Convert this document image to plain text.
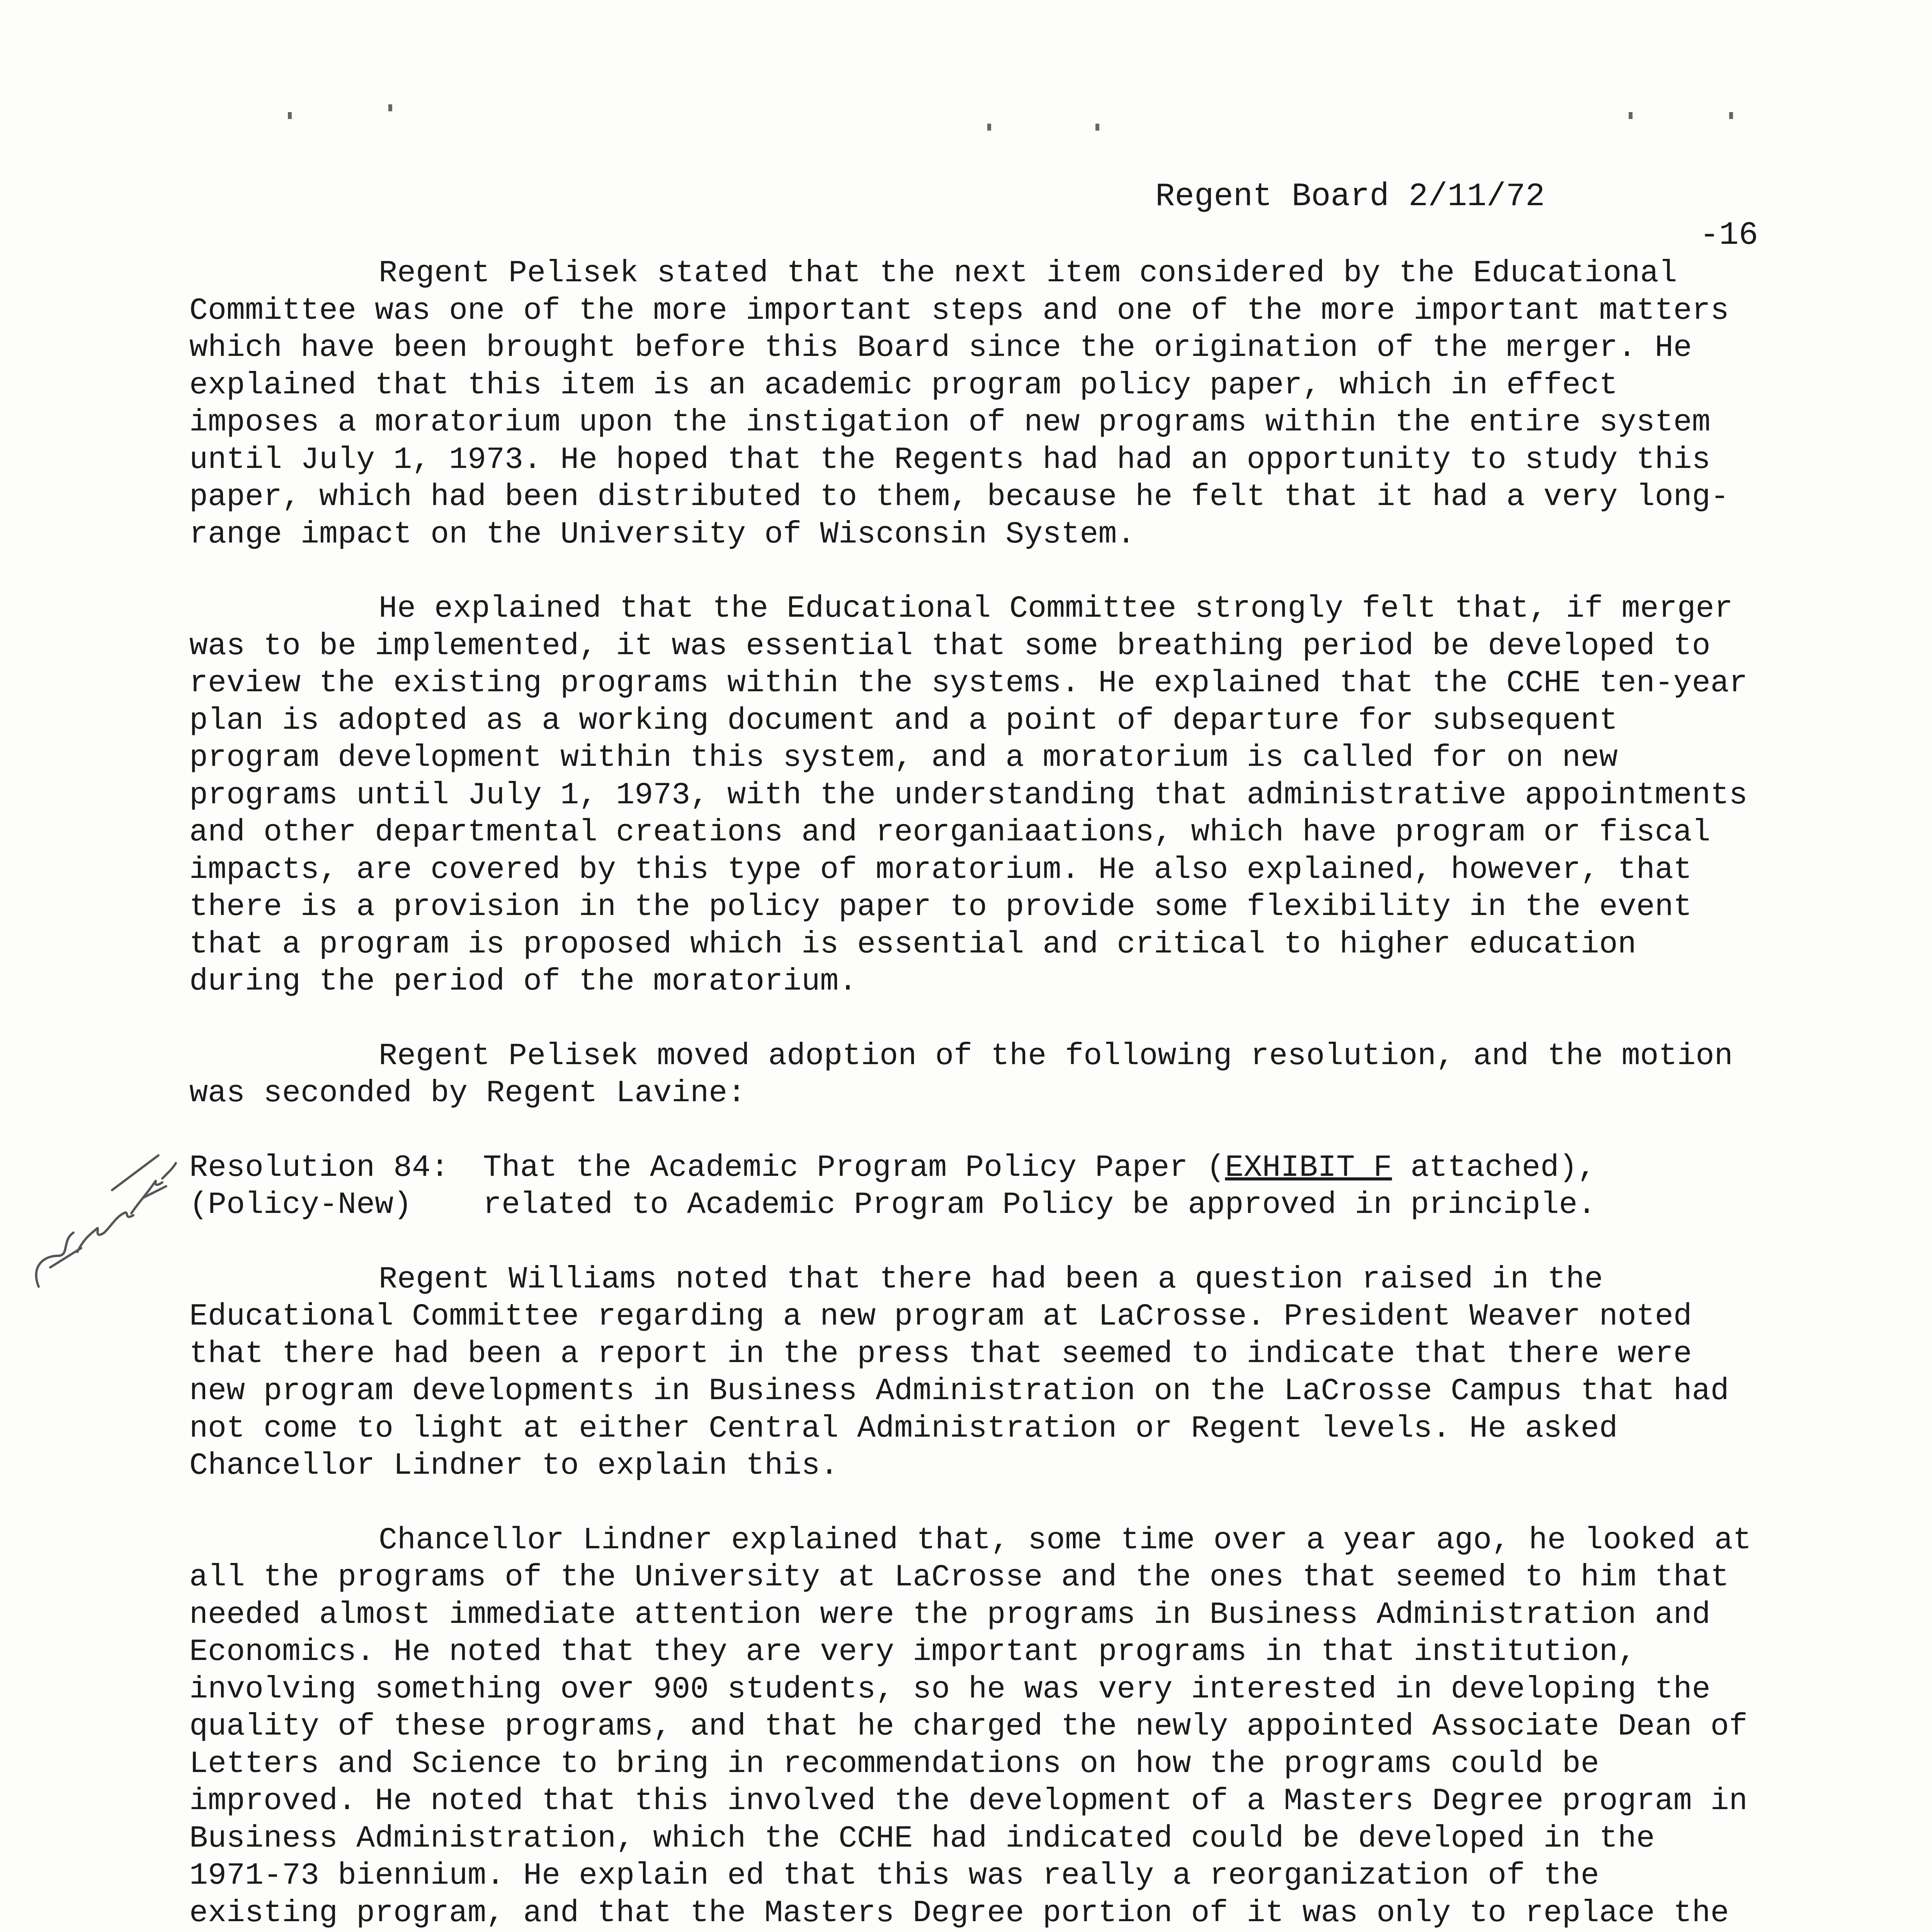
Regent Board 2/11/72

-16

Regent Pelisek stated that the next item considered by the Educational Committee was one of the more important steps and one of the more important matters which have been brought before this Board since the origination of the merger. He explained that this item is an academic program policy paper, which in effect imposes a moratorium upon the instigation of new programs within the entire system until July 1, 1973. He hoped that the Regents had had an opportunity to study this paper, which had been distributed to them, because he felt that it had a very long-range impact on the University of Wisconsin System.

He explained that the Educational Committee strongly felt that, if merger was to be implemented, it was essential that some breathing period be developed to review the existing programs within the systems. He explained that the CCHE ten-year plan is adopted as a working document and a point of departure for subsequent program development within this system, and a moratorium is called for on new programs until July 1, 1973, with the understanding that administrative appointments and other departmental creations and reorganiaations, which have program or fiscal impacts, are covered by this type of moratorium. He also explained, however, that there is a provision in the policy paper to provide some flexibility in the event that a program is proposed which is essential and critical to higher education during the period of the moratorium.

Regent Pelisek moved adoption of the following resolution, and the motion was seconded by Regent Lavine:

Resolution 84:	That the Academic Program Policy Paper (EXHIBIT F attached),
(Policy-New)	related to Academic Program Policy be approved in principle.

Regent Williams noted that there had been a question raised in the Educational Committee regarding a new program at LaCrosse. President Weaver noted that there had been a report in the press that seemed to indicate that there were new program developments in Business Administration on the LaCrosse Campus that had not come to light at either Central Administration or Regent levels. He asked Chancellor Lindner to explain this.

Chancellor Lindner explained that, some time over a year ago, he looked at all the programs of the University at LaCrosse and the ones that seemed to him that needed almost immediate attention were the programs in Business Administration and Economics. He noted that they are very important programs in that institution, involving something over 900 students, so he was very interested in developing the quality of these programs, and that he charged the newly appointed Associate Dean of Letters and Science to bring in recommendations on how the programs could be improved. He noted that this involved the development of a Masters Degree program in Business Administration, which the CCHE had indicated could be developed in the 1971-73 biennium. He explain ed that this was really a reorganization of the existing program, and that the Masters Degree portion of it was only to replace the
